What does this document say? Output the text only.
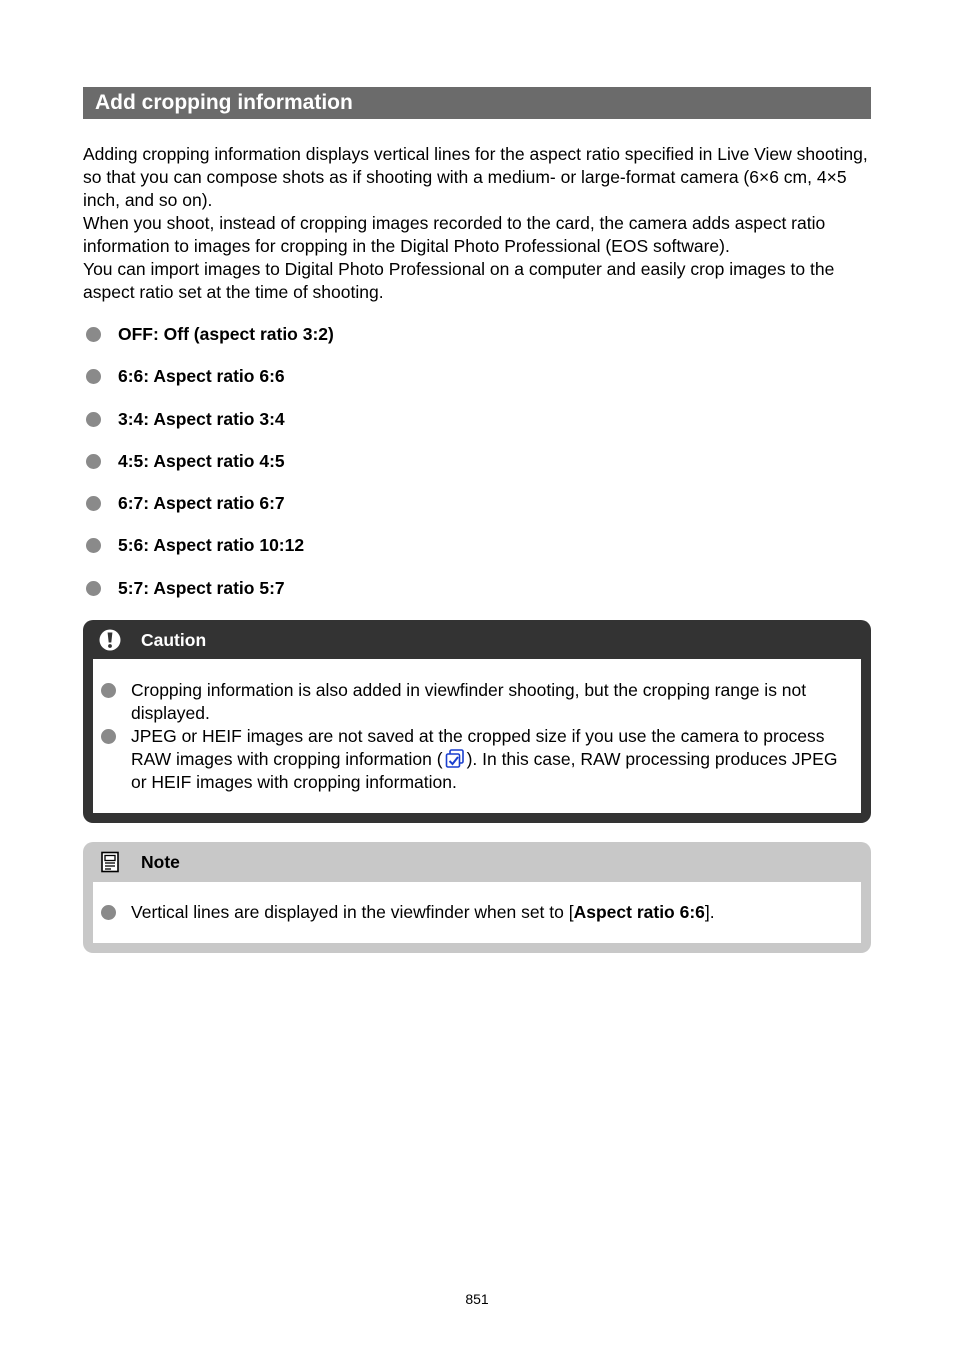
Add cropping information

Adding cropping information displays vertical lines for the aspect ratio specified in Live View shooting, so that you can compose shots as if shooting with a medium- or large-format camera (6×6 cm, 4×5 inch, and so on).

When you shoot, instead of cropping images recorded to the card, the camera adds aspect ratio information to images for cropping in the Digital Photo Professional (EOS software).

You can import images to Digital Photo Professional on a computer and easily crop images to the aspect ratio set at the time of shooting.

OFF: Off (aspect ratio 3:2)
6:6: Aspect ratio 6:6
3:4: Aspect ratio 3:4
4:5: Aspect ratio 4:5
6:7: Aspect ratio 6:7
5:6: Aspect ratio 10:12
5:7: Aspect ratio 5:7
Caution
Cropping information is also added in viewfinder shooting, but the cropping range is not displayed.
JPEG or HEIF images are not saved at the cropped size if you use the camera to process RAW images with cropping information ( ). In this case, RAW processing produces JPEG or HEIF images with cropping information.
Note
Vertical lines are displayed in the viewfinder when set to [Aspect ratio 6:6].
851
